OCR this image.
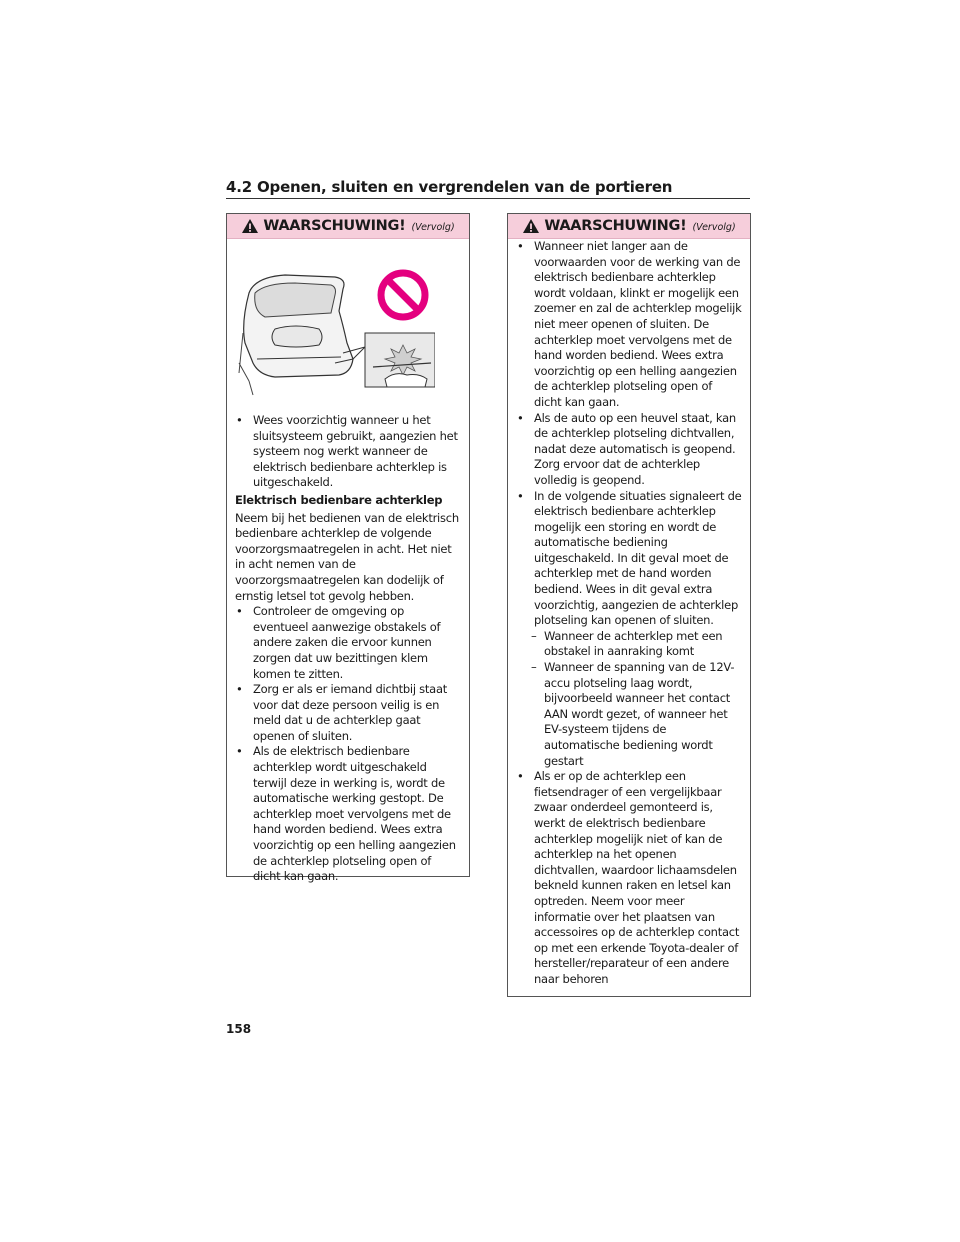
4.2 Openen, sluiten en vergrendelen van de portieren
WAARSCHUWING! (Vervolg)
• Wees voorzichtig wanneer u het sluitsysteem gebruikt, aangezien het systeem nog werkt wanneer de elektrisch bedienbare achterklep is uitgeschakeld.
Elektrisch bedienbare achterklep
Neem bij het bedienen van de elektrisch bedienbare achterklep de volgende voorzorgsmaatregelen in acht. Het niet in acht nemen van de voorzorgsmaatregelen kan dodelijk of ernstig letsel tot gevolg hebben.
• Controleer de omgeving op eventueel aanwezige obstakels of andere zaken die ervoor kunnen zorgen dat uw bezittingen klem komen te zitten.
• Zorg er als er iemand dichtbij staat voor dat deze persoon veilig is en meld dat u de achterklep gaat openen of sluiten.
• Als de elektrisch bedienbare achterklep wordt uitgeschakeld terwijl deze in werking is, wordt de automatische werking gestopt. De achterklep moet vervolgens met de hand worden bediend. Wees extra voorzichtig op een helling aangezien de achterklep plotseling open of dicht kan gaan.
WAARSCHUWING! (Vervolg)
• Wanneer niet langer aan de voorwaarden voor de werking van de elektrisch bedienbare achterklep wordt voldaan, klinkt er mogelijk een zoemer en zal de achterklep mogelijk niet meer openen of sluiten. De achterklep moet vervolgens met de hand worden bediend. Wees extra voorzichtig op een helling aangezien de achterklep plotseling open of dicht kan gaan.
• Als de auto op een heuvel staat, kan de achterklep plotseling dichtvallen, nadat deze automatisch is geopend. Zorg ervoor dat de achterklep volledig is geopend.
• In de volgende situaties signaleert de elektrisch bedienbare achterklep mogelijk een storing en wordt de automatische bediening uitgeschakeld. In dit geval moet de achterklep met de hand worden bediend. Wees in dit geval extra voorzichtig, aangezien de achterklep plotseling kan openen of sluiten.
– Wanneer de achterklep met een obstakel in aanraking komt
– Wanneer de spanning van de 12V-accu plotseling laag wordt, bijvoorbeeld wanneer het contact AAN wordt gezet, of wanneer het EV-systeem tijdens de automatische bediening wordt gestart
• Als er op de achterklep een fietsendrager of een vergelijkbaar zwaar onderdeel gemonteerd is, werkt de elektrisch bedienbare achterklep mogelijk niet of kan de achterklep na het openen dichtvallen, waardoor lichaamsdelen bekneld kunnen raken en letsel kan optreden. Neem voor meer informatie over het plaatsen van accessoires op de achterklep contact op met een erkende Toyota-dealer of hersteller/reparateur of een andere naar behoren
158
